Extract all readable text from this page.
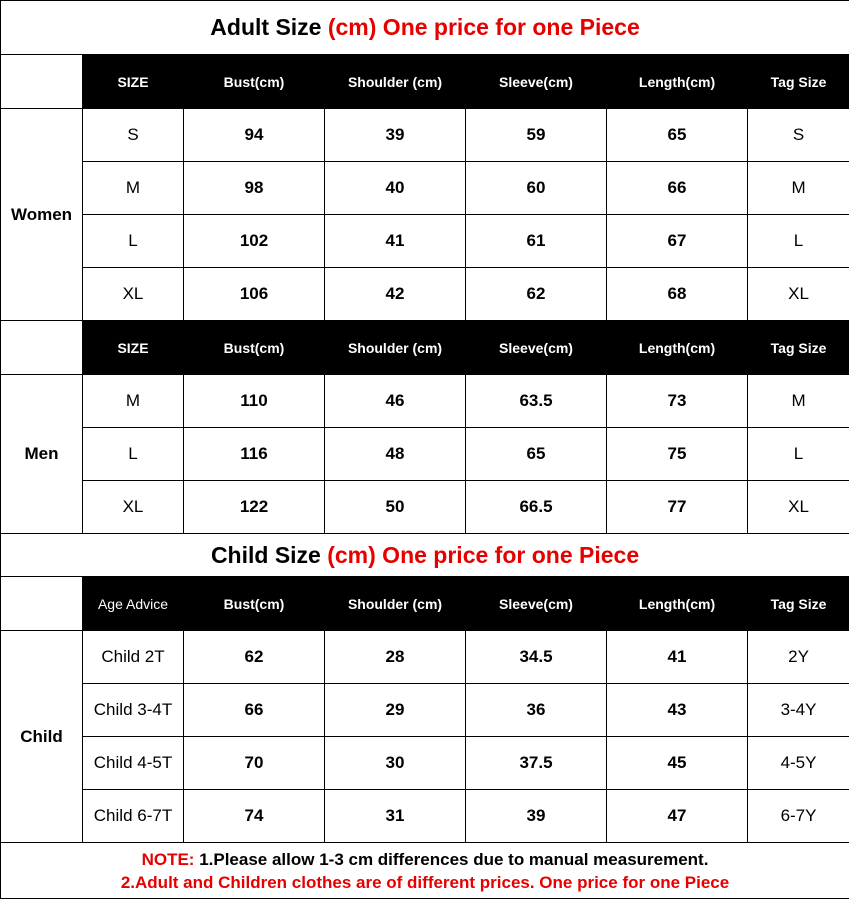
Adult Size (cm) One price for one Piece						
	SIZE	Bust(cm)	Shoulder (cm)	Sleeve(cm)	Length(cm)	Tag Size
Women	S	94	39	59	65	S
	M	98	40	60	66	M
	L	102	41	61	67	L
	XL	106	42	62	68	XL
	SIZE	Bust(cm)	Shoulder (cm)	Sleeve(cm)	Length(cm)	Tag Size
Men	M	110	46	63.5	73	M
	L	116	48	65	75	L
	XL	122	50	66.5	77	XL
Child Size (cm) One price for one Piece						
	Age Advice	Bust(cm)	Shoulder (cm)	Sleeve(cm)	Length(cm)	Tag Size
Child	Child 2T	62	28	34.5	41	2Y
	Child 3-4T	66	29	36	43	3-4Y
	Child 4-5T	70	30	37.5	45	4-5Y
	Child 6-7T	74	31	39	47	6-7Y

NOTE: 1.Please allow 1-3 cm differences due to manual measurement.
2.Adult and Children clothes are of different prices. One price for one Piece						
